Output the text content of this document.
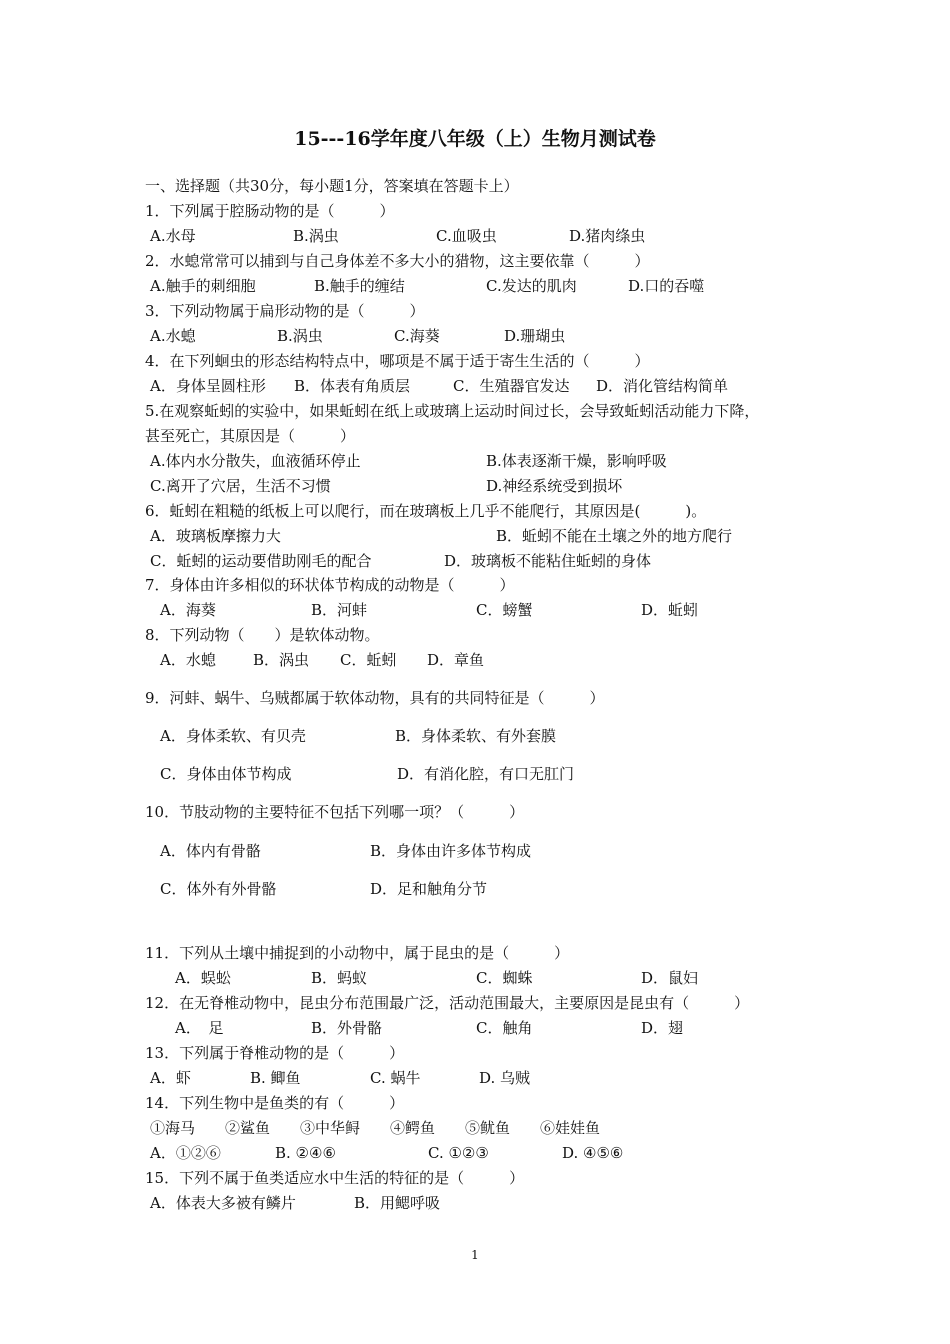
15---16学年度八年级（上）生物月测试卷
一、选择题（共30分，每小题1分，答案填在答题卡上）
1．下列属于腔肠动物的是（　　　）
A.水母	B.涡虫	C.血吸虫	D.猪肉绦虫
2．水螅常常可以捕到与自己身体差不多大小的猎物，这主要依靠（　　　）
A.触手的刺细胞	B.触手的缠结	C.发达的肌肉	D.口的吞噬
3．下列动物属于扁形动物的是（　　　）
A.水螅	B.涡虫	C.海葵	D.珊瑚虫
4．在下列蛔虫的形态结构特点中，哪项是不属于适于寄生生活的（　　　）
A．身体呈圆柱形 B．体表有角质层	C．生殖器官发达 D．消化管结构简单
5.在观察蚯蚓的实验中，如果蚯蚓在纸上或玻璃上运动时间过长，会导致蚯蚓活动能力下降，
甚至死亡，其原因是（　　　）
A.体内水分散失，血液循环停止	B.体表逐渐干燥，影响呼吸
C.离开了穴居，生活不习惯	D.神经系统受到损坏
6．蚯蚓在粗糙的纸板上可以爬行，而在玻璃板上几乎不能爬行，其原因是(　　　)。
A．玻璃板摩擦力大	B．蚯蚓不能在土壤之外的地方爬行
C．蚯蚓的运动要借助刚毛的配合	D．玻璃板不能粘住蚯蚓的身体
7．身体由许多相似的环状体节构成的动物是（　　　）
A．海葵	B．河蚌	C．螃蟹	D．蚯蚓
8．下列动物（　　）是软体动物。
A．水螅 B．涡虫 C．蚯蚓 D．章鱼
9．河蚌、蜗牛、乌贼都属于软体动物，具有的共同特征是（　　　）
A．身体柔软、有贝壳	B．身体柔软、有外套膜
C．身体由体节构成	D．有消化腔，有口无肛门
10．节肢动物的主要特征不包括下列哪一项？（　　　）
A．体内有骨骼	B．身体由许多体节构成
C．体外有外骨骼	D．足和触角分节
11．下列从土壤中捕捉到的小动物中，属于昆虫的是（　　　）
A．蜈蚣	B．蚂蚁	C．蜘蛛	D．鼠妇
12．在无脊椎动物中，昆虫分布范围最广泛，活动范围最大，主要原因是昆虫有（　　　）
A．　足	B．外骨骼	C．触角	D．翅
13．下列属于脊椎动物的是（　　　）
A．虾	B. 鲫鱼	C. 蜗牛	D. 乌贼
14．下列生物中是鱼类的有（　　　）
①海马　　②鲨鱼　　③中华鲟　　④鳄鱼　　⑤鱿鱼　　⑥娃娃鱼
A．①②⑥	B. ②④⑥	C. ①②③	D. ④⑤⑥
15．下列不属于鱼类适应水中生活的特征的是（　　　）
A．体表大多被有鳞片	B．用鳃呼吸
1
